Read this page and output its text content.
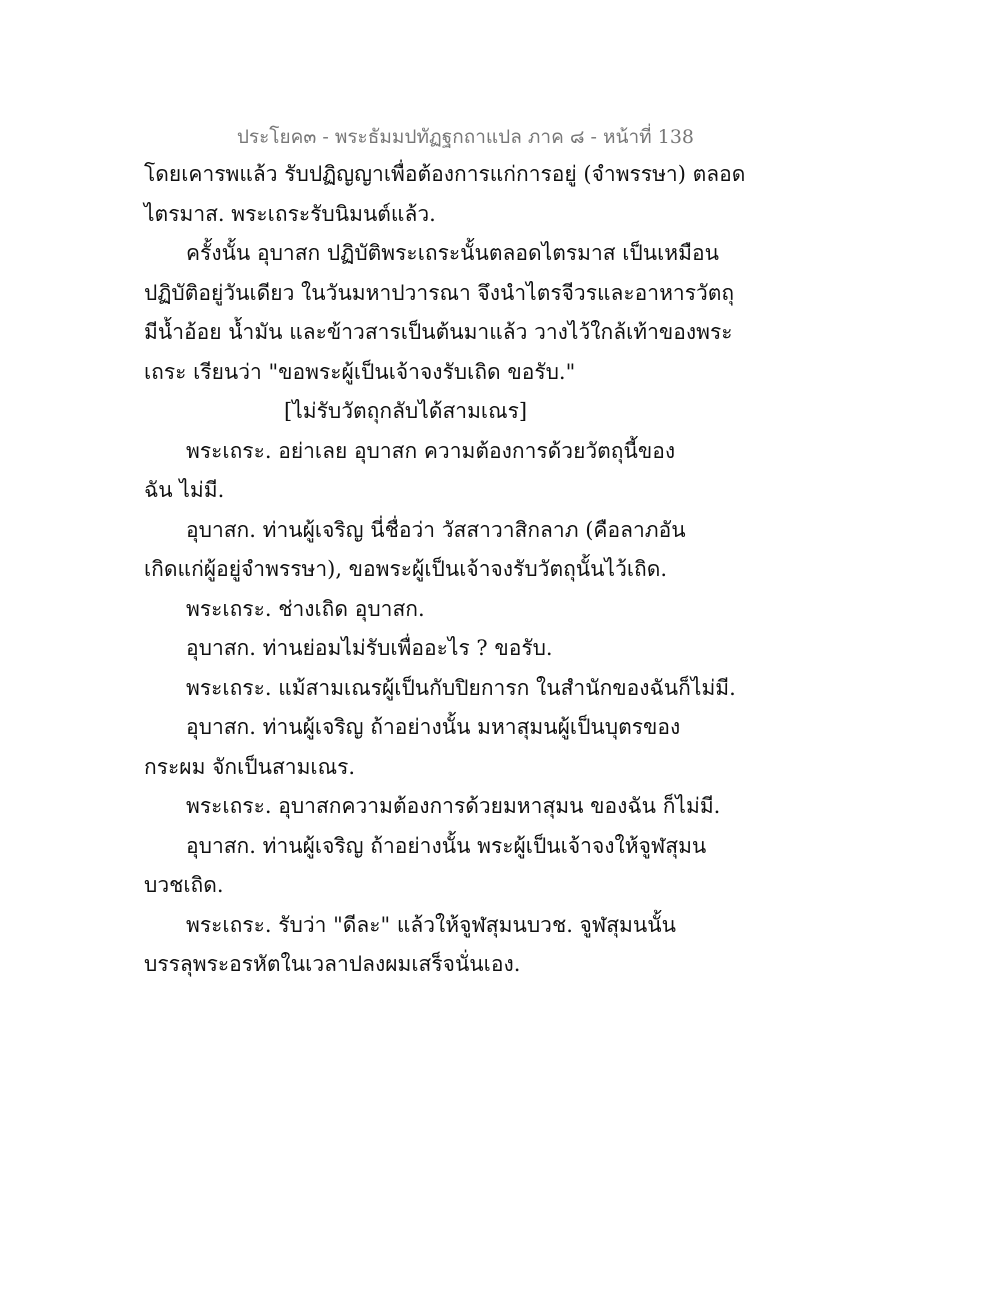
ประโยค๓ - พระธัมมปทัฏฐกถาแปล ภาค ๘ - หน้าที่ 138
โดยเคารพแล้ว รับปฏิญญาเพื่อต้องการแก่การอยู่ (จำพรรษา) ตลอด
ไตรมาส. พระเถระรับนิมนต์แล้ว.
ครั้งนั้น อุบาสก ปฏิบัติพระเถระนั้นตลอดไตรมาส เป็นเหมือน
ปฏิบัติอยู่วันเดียว ในวันมหาปวารณา จึงนำไตรจีวรและอาหารวัตถุ
มีน้ำอ้อย น้ำมัน และข้าวสารเป็นต้นมาแล้ว วางไว้ใกล้เท้าของพระ
เถระ เรียนว่า "ขอพระผู้เป็นเจ้าจงรับเถิด ขอรับ."
[ไม่รับวัตถุกลับได้สามเณร]
พระเถระ. อย่าเลย อุบาสก ความต้องการด้วยวัตถุนี้ของ
ฉัน ไม่มี.
อุบาสก. ท่านผู้เจริญ นี่ชื่อว่า วัสสาวาสิกลาภ (คือลาภอัน
เกิดแก่ผู้อยู่จำพรรษา), ขอพระผู้เป็นเจ้าจงรับวัตถุนั้นไว้เถิด.
พระเถระ. ช่างเถิด อุบาสก.
อุบาสก. ท่านย่อมไม่รับเพื่ออะไร ? ขอรับ.
พระเถระ. แม้สามเณรผู้เป็นกับปิยการก ในสำนักของฉันก็ไม่มี.
อุบาสก. ท่านผู้เจริญ ถ้าอย่างนั้น มหาสุมนผู้เป็นบุตรของ
กระผม จักเป็นสามเณร.
พระเถระ. อุบาสกความต้องการด้วยมหาสุมน ของฉัน ก็ไม่มี.
อุบาสก. ท่านผู้เจริญ ถ้าอย่างนั้น พระผู้เป็นเจ้าจงให้จูฬสุมน
บวชเถิด.
พระเถระ. รับว่า "ดีละ" แล้วให้จูฬสุมนบวช. จูฬสุมนนั้น
บรรลุพระอรหัตในเวลาปลงผมเสร็จนั่นเอง.
